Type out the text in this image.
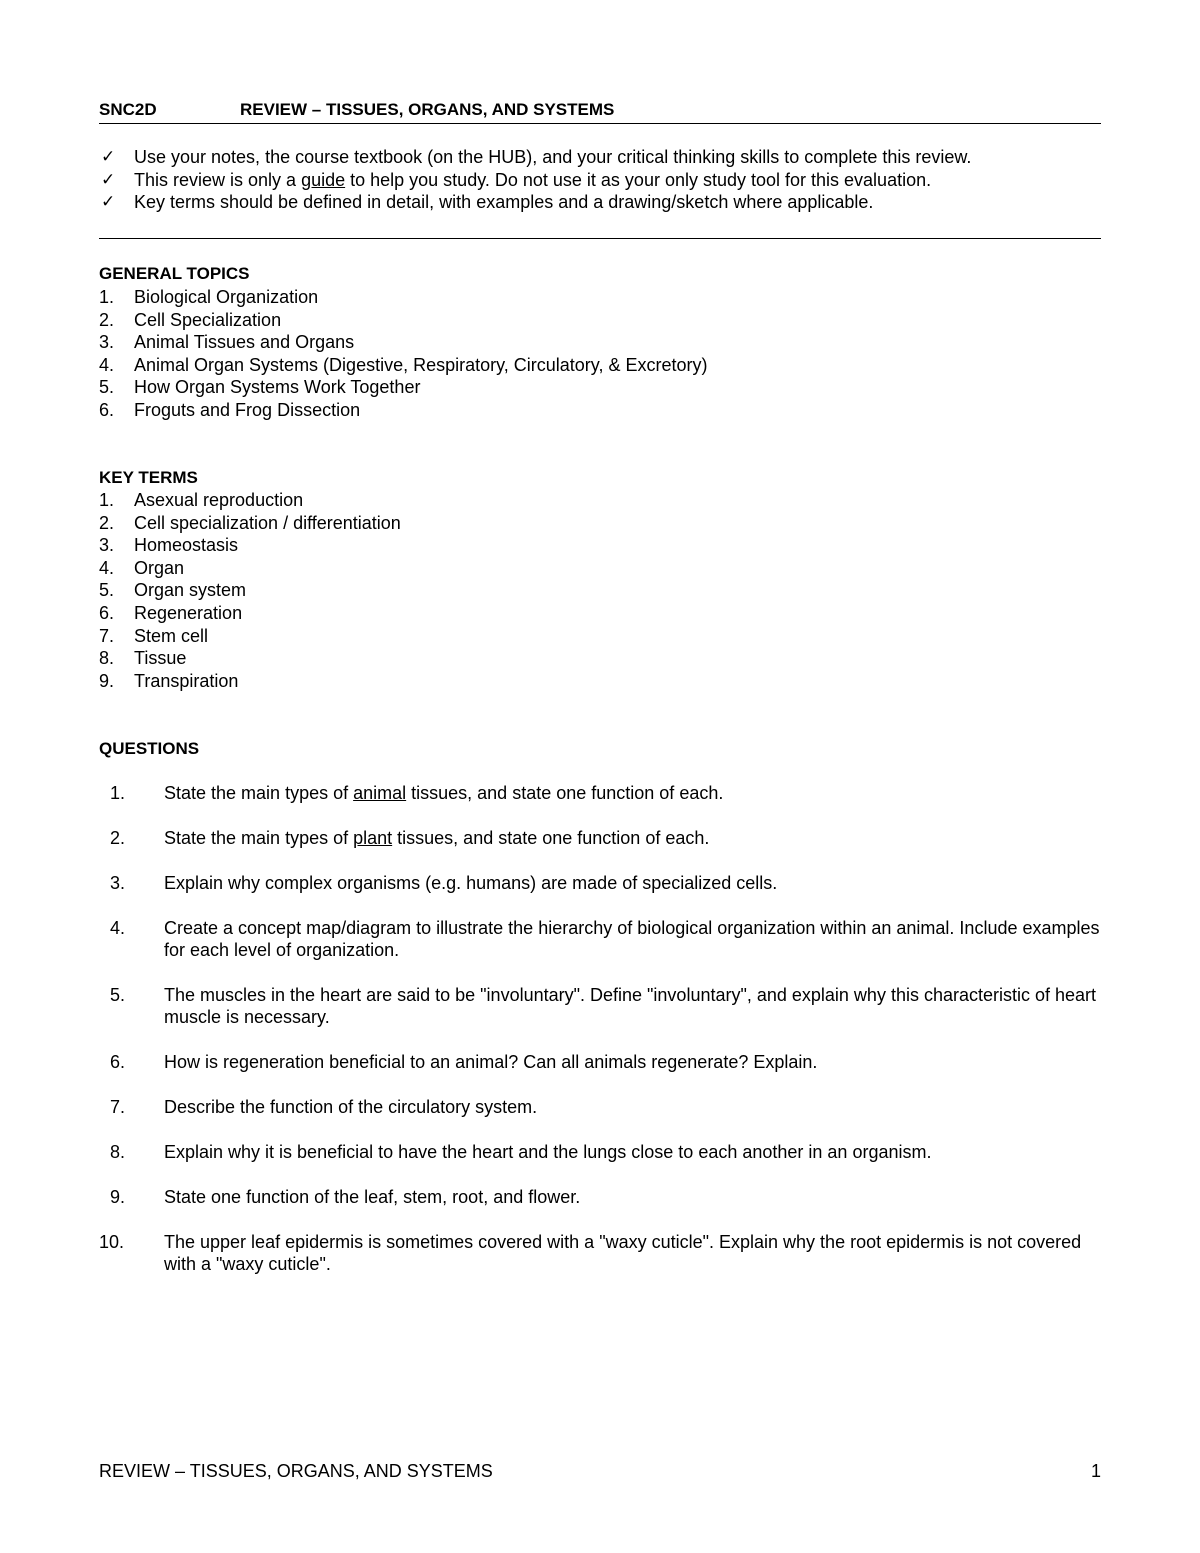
SNC2D	REVIEW – TISSUES, ORGANS, AND SYSTEMS
✓ Use your notes, the course textbook (on the HUB), and your critical thinking skills to complete this review.
✓ This review is only a guide to help you study. Do not use it as your only study tool for this evaluation.
✓ Key terms should be defined in detail, with examples and a drawing/sketch where applicable.
GENERAL TOPICS
1. Biological Organization
2. Cell Specialization
3. Animal Tissues and Organs
4. Animal Organ Systems (Digestive, Respiratory, Circulatory, & Excretory)
5. How Organ Systems Work Together
6. Froguts and Frog Dissection
KEY TERMS
1. Asexual reproduction
2. Cell specialization / differentiation
3. Homeostasis
4. Organ
5. Organ system
6. Regeneration
7. Stem cell
8. Tissue
9. Transpiration
QUESTIONS
1. State the main types of animal tissues, and state one function of each.
2. State the main types of plant tissues, and state one function of each.
3. Explain why complex organisms (e.g. humans) are made of specialized cells.
4. Create a concept map/diagram to illustrate the hierarchy of biological organization within an animal. Include examples for each level of organization.
5. The muscles in the heart are said to be "involuntary". Define "involuntary", and explain why this characteristic of heart muscle is necessary.
6. How is regeneration beneficial to an animal? Can all animals regenerate? Explain.
7. Describe the function of the circulatory system.
8. Explain why it is beneficial to have the heart and the lungs close to each another in an organism.
9. State one function of the leaf, stem, root, and flower.
10. The upper leaf epidermis is sometimes covered with a "waxy cuticle". Explain why the root epidermis is not covered with a "waxy cuticle".
REVIEW – TISSUES, ORGANS, AND SYSTEMS	1
